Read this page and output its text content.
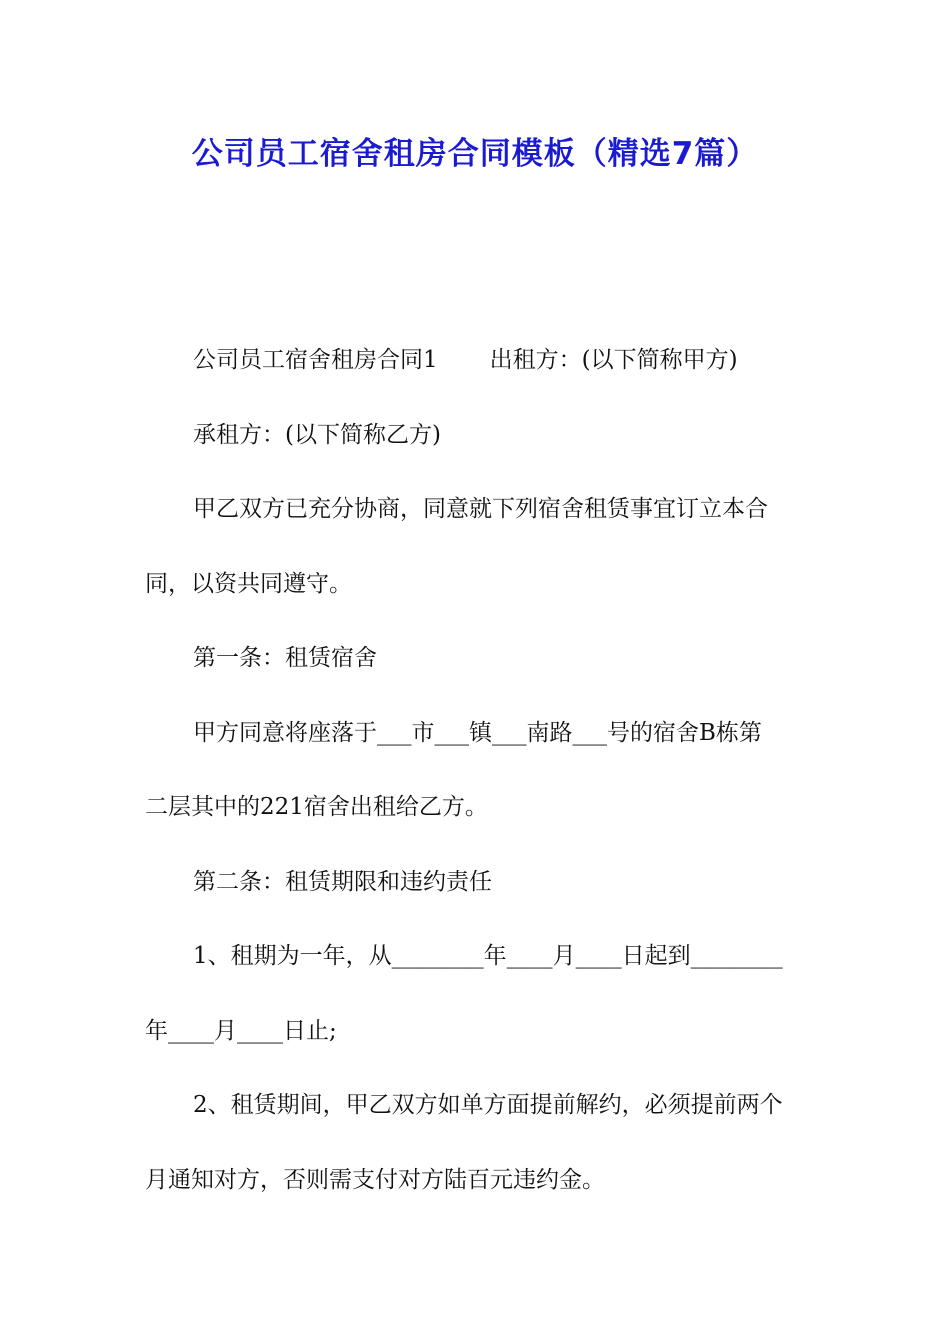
公司员工宿舍租房合同模板（精选7篇）
公司员工宿舍租房合同1 出租方：(以下简称甲方)
承租方：(以下简称乙方)
甲乙双方已充分协商，同意就下列宿舍租赁事宜订立本合
同，以资共同遵守。
第一条：租赁宿舍
甲方同意将座落于___市___镇___南路___号的宿舍B栋第
二层其中的221宿舍出租给乙方。
第二条：租赁期限和违约责任
1、租期为一年，从________年____月____日起到________
年____月____日止;
2、租赁期间，甲乙双方如单方面提前解约，必须提前两个
月通知对方，否则需支付对方陆百元违约金。
